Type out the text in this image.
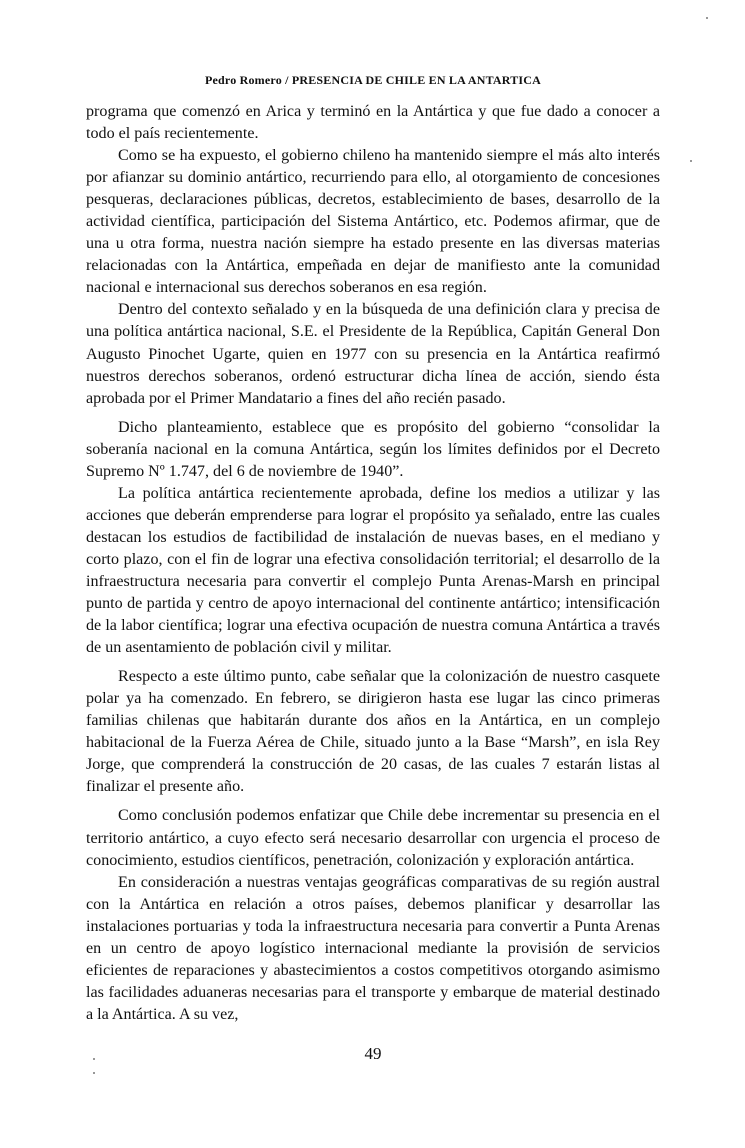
Pedro Romero / PRESENCIA DE CHILE EN LA ANTARTICA

programa que comenzó en Arica y terminó en la Antártica y que fue dado a conocer a todo el país recientemente.

Como se ha expuesto, el gobierno chileno ha mantenido siempre el más alto interés por afianzar su dominio antártico, recurriendo para ello, al otorgamiento de concesiones pesqueras, declaraciones públicas, decretos, establecimiento de bases, desarrollo de la actividad científica, participación del Sistema Antártico, etc. Podemos afirmar, que de una u otra forma, nuestra nación siempre ha estado presente en las diversas materias relacionadas con la Antártica, empeñada en dejar de manifiesto ante la comunidad nacional e internacional sus derechos soberanos en esa región.

Dentro del contexto señalado y en la búsqueda de una definición clara y precisa de una política antártica nacional, S.E. el Presidente de la República, Capitán General Don Augusto Pinochet Ugarte, quien en 1977 con su presencia en la Antártica reafirmó nuestros derechos soberanos, ordenó estructurar dicha línea de acción, siendo ésta aprobada por el Primer Mandatario a fines del año recién pasado.

Dicho planteamiento, establece que es propósito del gobierno “consolidar la soberanía nacional en la comuna Antártica, según los límites definidos por el Decreto Supremo Nº 1.747, del 6 de noviembre de 1940”.

La política antártica recientemente aprobada, define los medios a utilizar y las acciones que deberán emprenderse para lograr el propósito ya señalado, entre las cuales destacan los estudios de factibilidad de instalación de nuevas bases, en el mediano y corto plazo, con el fin de lograr una efectiva consolidación territorial; el desarrollo de la infraestructura necesaria para convertir el complejo Punta Arenas-Marsh en principal punto de partida y centro de apoyo internacional del continente antártico; intensificación de la labor científica; lograr una efectiva ocupación de nuestra comuna Antártica a través de un asentamiento de población civil y militar.

Respecto a este último punto, cabe señalar que la colonización de nuestro casquete polar ya ha comenzado. En febrero, se dirigieron hasta ese lugar las cinco primeras familias chilenas que habitarán durante dos años en la Antártica, en un complejo habitacional de la Fuerza Aérea de Chile, situado junto a la Base “Marsh”, en isla Rey Jorge, que comprenderá la construcción de 20 casas, de las cuales 7 estarán listas al finalizar el presente año.

Como conclusión podemos enfatizar que Chile debe incrementar su presencia en el territorio antártico, a cuyo efecto será necesario desarrollar con urgencia el proceso de conocimiento, estudios científicos, penetración, colonización y exploración antártica.

En consideración a nuestras ventajas geográficas comparativas de su región austral con la Antártica en relación a otros países, debemos planificar y desarrollar las instalaciones portuarias y toda la infraestructura necesaria para convertir a Punta Arenas en un centro de apoyo logístico internacional mediante la provisión de servicios eficientes de reparaciones y abastecimientos a costos competitivos otorgando asimismo las facilidades aduaneras necesarias para el transporte y embarque de material destinado a la Antártica. A su vez,

49
